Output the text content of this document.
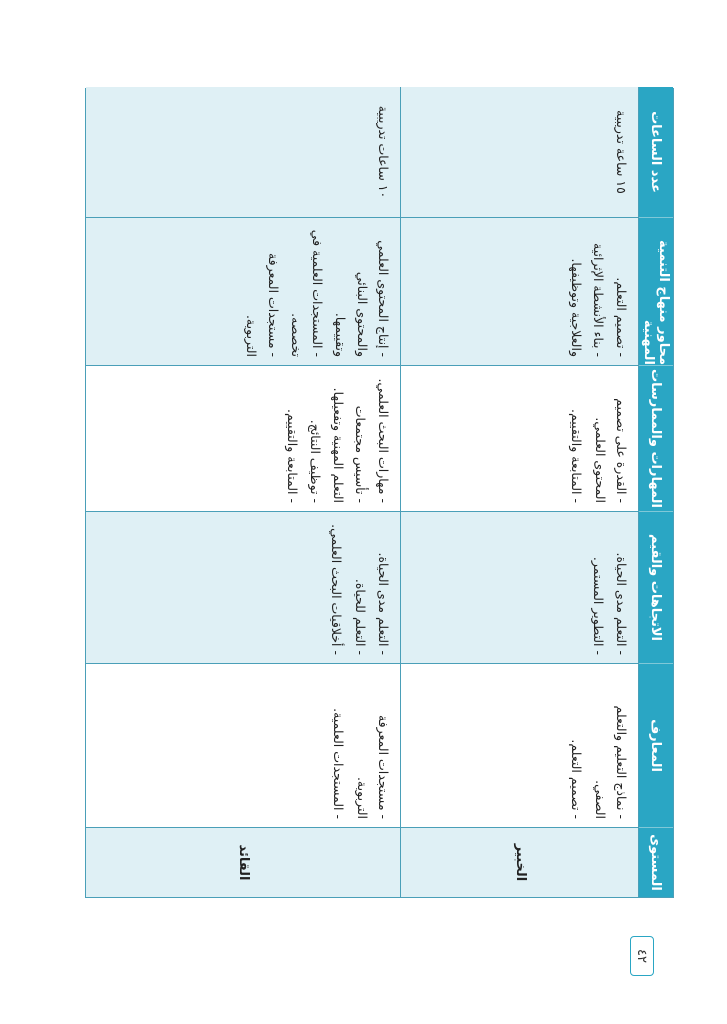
المستوى
المعارف
الاتجاهات والقيم
المهارات والممارسات
محاور منهاج التنمية المهنية
عدد الساعات
الخبير
- نماذج التعليم والتعلم الصفي.
- تصميم التعلم.
- التعلم مدى الحياة.
- التطوير المستمر.
- القدرة على تصميم المحتوى العلمي.
- المتابعة والتقييم.
- تصميم التعلم.
- بناء الأنشطة الإثرائية والعلاجية وتوظيفها.
١٥ ساعة تدريبية
القائد
- مستجدات المعرفة التربوية.
- المستجدات العلمية.
- التعلم مدى الحياة.
- التعلم للحياة.
- أخلاقيات البحث العلمي.
- مهارات البحث العلمي.
- تأسيس مجتمعات التعلم المهنية وتفعيلها.
- توظيف النتائج.
- المتابعة والتقييم.
- إنتاج المحتوى العلمي والمحتوى البنائي وتقييمها.
- المستجدات العلمية في تخصصه.
- مستجدات المعرفة التربوية.
١٠ ساعات تدريبية
٤٢
